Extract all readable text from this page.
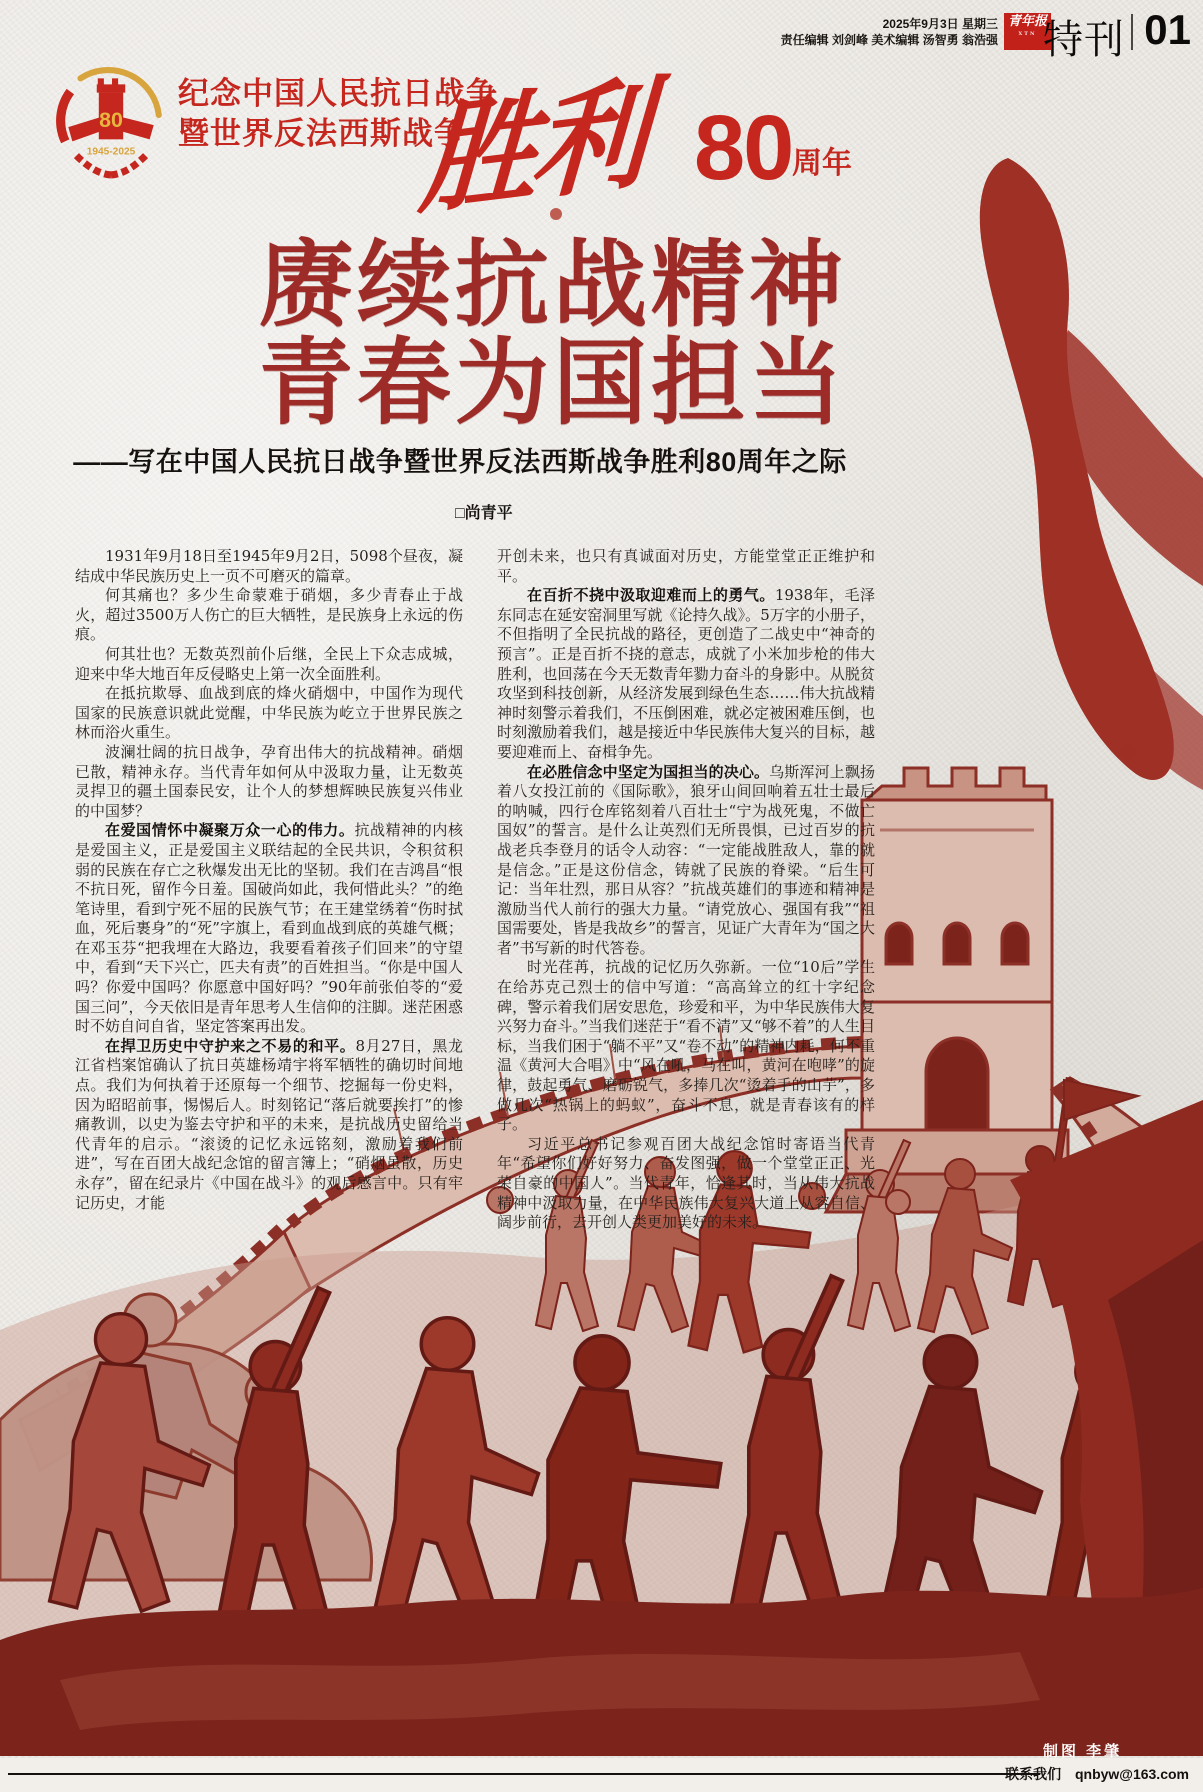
2025年9月3日 星期三
责任编辑 刘剑峰 美术编辑 汤智勇 翁浩强
青年报
XTN 特刊 01
80
1945-2025
纪念中国人民抗日战争
暨世界反法西斯战争
胜利 80 周年
赓续抗战精神
青春为国担当
——写在中国人民抗日战争暨世界反法西斯战争胜利80周年之际
□尚青平

1931年9月18日至1945年9月2日，5098个昼夜，凝结成中华民族历史上一页不可磨灭的篇章。

何其痛也？多少生命蒙难于硝烟，多少青春止于战火，超过3500万人伤亡的巨大牺牲，是民族身上永远的伤痕。

何其壮也？无数英烈前仆后继，全民上下众志成城，迎来中华大地百年反侵略史上第一次全面胜利。

在抵抗欺辱、血战到底的烽火硝烟中，中国作为现代国家的民族意识就此觉醒，中华民族为屹立于世界民族之林而浴火重生。

波澜壮阔的抗日战争，孕育出伟大的抗战精神。硝烟已散，精神永存。当代青年如何从中汲取力量，让无数英灵捍卫的疆土国泰民安，让个人的梦想辉映民族复兴伟业的中国梦？

在爱国情怀中凝聚万众一心的伟力。抗战精神的内核是爱国主义，正是爱国主义联结起的全民共识，令积贫积弱的民族在存亡之秋爆发出无比的坚韧。我们在吉鸿昌“恨不抗日死，留作今日羞。国破尚如此，我何惜此头？”的绝笔诗里，看到宁死不屈的民族气节；在王建堂绣着“伤时拭血，死后裹身”的“死”字旗上，看到血战到底的英雄气概；在邓玉芬“把我埋在大路边，我要看着孩子们回来”的守望中，看到“天下兴亡，匹夫有责”的百姓担当。“你是中国人吗？你爱中国吗？你愿意中国好吗？”90年前张伯苓的“爱国三问”，今天依旧是青年思考人生信仰的注脚。迷茫困惑时不妨自问自省，坚定答案再出发。

在捍卫历史中守护来之不易的和平。8月27日，黑龙江省档案馆确认了抗日英雄杨靖宇将军牺牲的确切时间地点。我们为何执着于还原每一个细节、挖掘每一份史料，因为昭昭前事，惕惕后人。时刻铭记“落后就要挨打”的惨痛教训，以史为鉴去守护和平的未来，是抗战历史留给当代青年的启示。“滚烫的记忆永远铭刻，激励着我们前进”，写在百团大战纪念馆的留言簿上；“硝烟虽散，历史永存”，留在纪录片《中国在战斗》的观后感言中。只有牢记历史，才能

开创未来，也只有真诚面对历史，方能堂堂正正维护和平。

在百折不挠中汲取迎难而上的勇气。1938年，毛泽东同志在延安窑洞里写就《论持久战》。5万字的小册子，不但指明了全民抗战的路径，更创造了二战史中“神奇的预言”。正是百折不挠的意志，成就了小米加步枪的伟大胜利，也回荡在今天无数青年勠力奋斗的身影中。从脱贫攻坚到科技创新，从经济发展到绿色生态……伟大抗战精神时刻警示着我们，不压倒困难，就必定被困难压倒，也时刻激励着我们，越是接近中华民族伟大复兴的目标，越要迎难而上、奋楫争先。

在必胜信念中坚定为国担当的决心。乌斯浑河上飘扬着八女投江前的《国际歌》，狼牙山间回响着五壮士最后的呐喊，四行仓库铭刻着八百壮士“宁为战死鬼，不做亡国奴”的誓言。是什么让英烈们无所畏惧，已过百岁的抗战老兵李登月的话令人动容：“一定能战胜敌人，靠的就是信念。”正是这份信念，铸就了民族的脊梁。“后生可记：当年壮烈，那日从容？”抗战英雄们的事迹和精神是激励当代人前行的强大力量。“请党放心、强国有我”“祖国需要处，皆是我故乡”的誓言，见证广大青年为“国之大者”书写新的时代答卷。

时光荏苒，抗战的记忆历久弥新。一位“10后”学生在给苏克己烈士的信中写道：“高高耸立的红十字纪念碑，警示着我们居安思危，珍爱和平，为中华民族伟大复兴努力奋斗。”当我们迷茫于“看不清”又“够不着”的人生目标，当我们困于“躺不平”又“卷不动”的精神内耗，何不重温《黄河大合唱》中“风在吼，马在叫，黄河在咆哮”的旋律，鼓起勇气、磨砺锐气，多捧几次“烫着手的山芋”，多做几次“热锅上的蚂蚁”，奋斗不息，就是青春该有的样子。

习近平总书记参观百团大战纪念馆时寄语当代青年“希望你们好好努力、奋发图强，做一个堂堂正正、光荣自豪的中国人”。当代青年，恰逢其时，当从伟大抗战精神中汲取力量，在中华民族伟大复兴大道上从容自信、阔步前行，去开创人类更加美好的未来。

制图 李肇
联系我们 qnbyw@163.com
